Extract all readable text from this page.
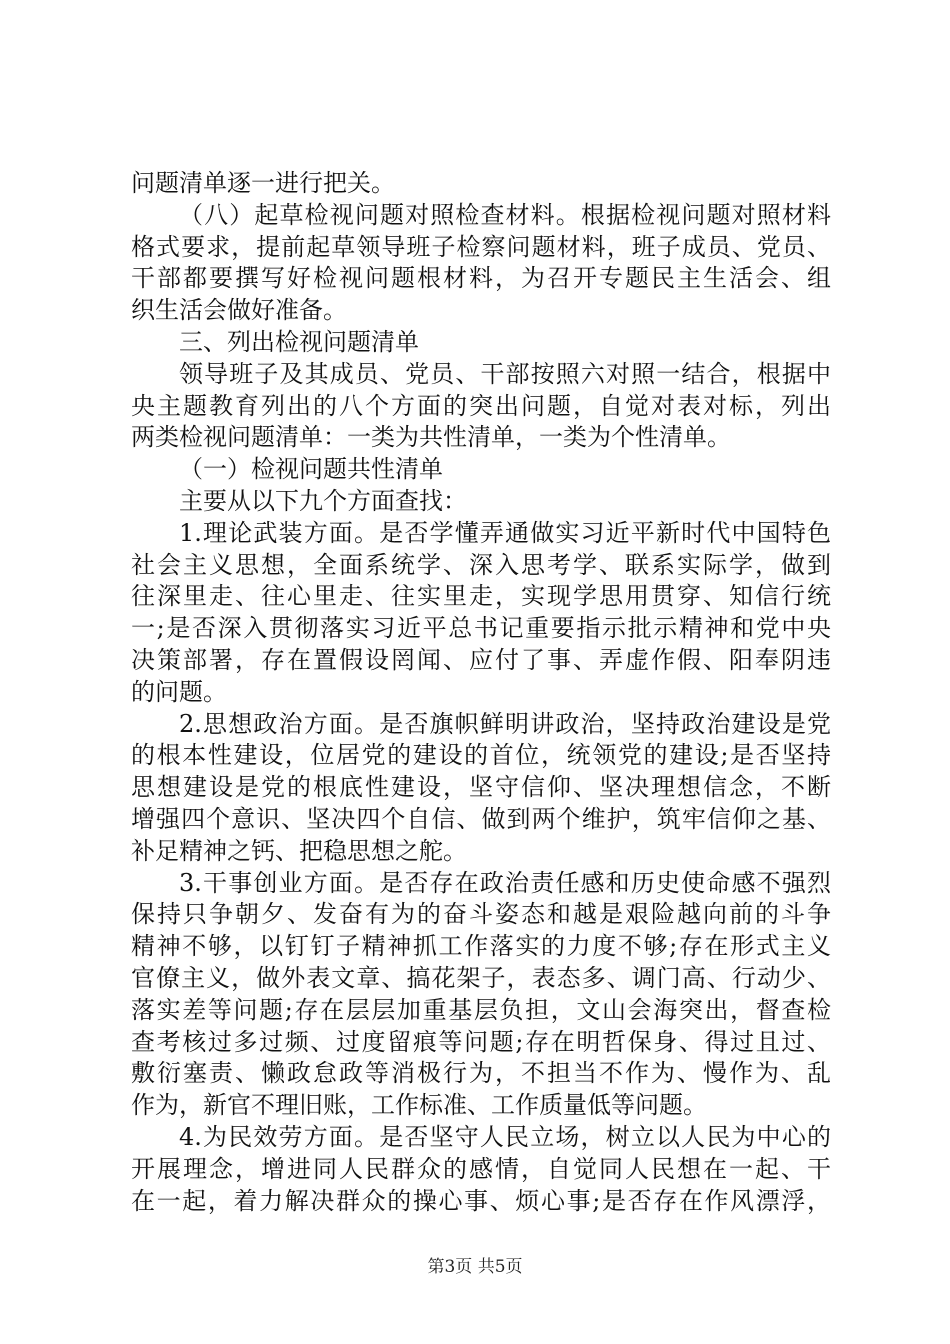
问题清单逐一进行把关。
（八）起草检视问题对照检查材料。根据检视问题对照材料
格式要求，提前起草领导班子检察问题材料，班子成员、党员、
干部都要撰写好检视问题根材料，为召开专题民主生活会、组
织生活会做好准备。
三、列出检视问题清单
领导班子及其成员、党员、干部按照六对照一结合，根据中
央主题教育列出的八个方面的突出问题，自觉对表对标，列出
两类检视问题清单：一类为共性清单，一类为个性清单。
（一）检视问题共性清单
主要从以下九个方面查找：
1.理论武装方面。是否学懂弄通做实习近平新时代中国特色
社会主义思想，全面系统学、深入思考学、联系实际学，做到
往深里走、往心里走、往实里走，实现学思用贯穿、知信行统
一;是否深入贯彻落实习近平总书记重要指示批示精神和党中央
决策部署，存在置假设罔闻、应付了事、弄虚作假、阳奉阴违
的问题。
2.思想政治方面。是否旗帜鲜明讲政治，坚持政治建设是党
的根本性建设，位居党的建设的首位，统领党的建设;是否坚持
思想建设是党的根底性建设，坚守信仰、坚决理想信念，不断
增强四个意识、坚决四个自信、做到两个维护，筑牢信仰之基、
补足精神之钙、把稳思想之舵。
3.干事创业方面。是否存在政治责任感和历史使命感不强烈
保持只争朝夕、发奋有为的奋斗姿态和越是艰险越向前的斗争
精神不够，以钉钉子精神抓工作落实的力度不够;存在形式主义
官僚主义，做外表文章、搞花架子，表态多、调门高、行动少、
落实差等问题;存在层层加重基层负担，文山会海突出，督查检
查考核过多过频、过度留痕等问题;存在明哲保身、得过且过、
敷衍塞责、懒政怠政等消极行为，不担当不作为、慢作为、乱
作为，新官不理旧账，工作标准、工作质量低等问题。
4.为民效劳方面。是否坚守人民立场，树立以人民为中心的
开展理念，增进同人民群众的感情，自觉同人民想在一起、干
在一起，着力解决群众的操心事、烦心事;是否存在作风漂浮，
第3页 共5页
